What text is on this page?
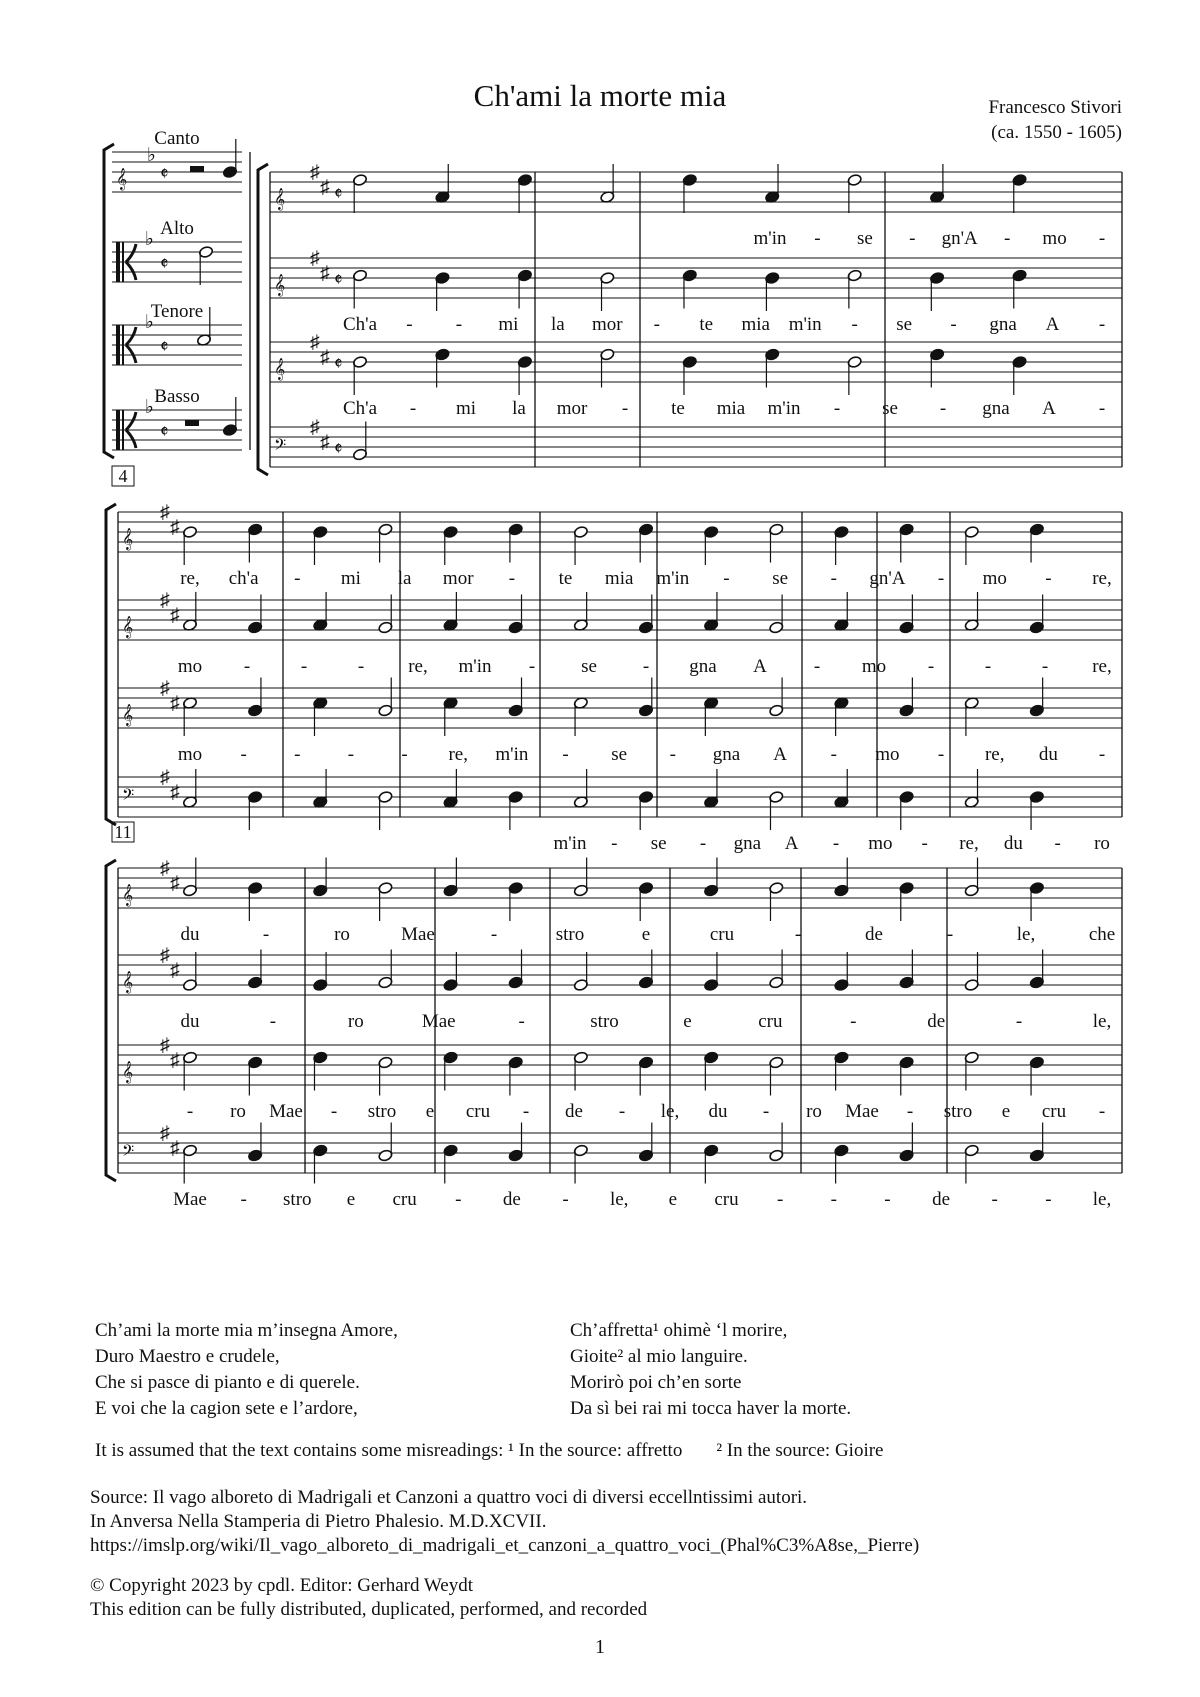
Ch'ami la morte mia	Francesco Stivori
(ca. 1550 - 1605)
Canto
Alto
Tenore
Basso
𝄞
♭
𝄵
♭
𝄵
♭
𝄵
♭
𝄵
𝄞
♯
♯ 𝄵
𝄞
♯
♯ 𝄵
𝄞
♯
♯ 𝄵
𝄢
♯
♯ 𝄵
m'in - se - gn'A - mo -
Ch'a - - mi la mor - te mia m'in - se - gna A -
Ch'a - mi la mor - te mia m'in - se - gna A -
𝄞
♯
♯
𝄞
♯
♯
𝄞
♯
♯
𝄢
♯
♯
4
re, ch'a - mi la mor - te mia m'in - se - gn'A - mo - re,
mo -	-	- re, m'in - se - gna A - mo -	-	- re,
mo - - - - re, m'in - se - gna A - mo - re, du -
m'in - se - gna A - mo - re, du - ro
𝄞
♯
♯
𝄞
♯
♯
𝄞
♯
♯
𝄢
♯
♯
11
du	-	ro	Mae	-	stro	e	cru	-	de	-	le,	che
du	-	ro	Mae	-	stro	e	cru	-	de	-	le,
- ro Mae - stro e cru - de - le, du - ro Mae - stro e cru -
Mae - stro e cru - de - le, e cru - - - de - - le,
Ch’ami la morte mia m’insegna Amore,
Duro Maestro e crudele,
Che si pasce di pianto e di querele.
E voi che la cagion sete e l’ardore,
Ch’affretta¹ ohimè ‘l morire,
Gioite² al mio languire.
Morirò poi ch’en sorte
Da sì bei rai mi tocca haver la morte.
It is assumed that the text contains some misreadings: ¹ In the source: affretto ² In the source: Gioire
Source: Il vago alboreto di Madrigali et Canzoni a quattro voci di diversi eccellntissimi autori.
In Anversa Nella Stamperia di Pietro Phalesio. M.D.XCVII.
https://imslp.org/wiki/Il_vago_alboreto_di_madrigali_et_canzoni_a_quattro_voci_(Phal%C3%A8se,_Pierre)
© Copyright 2023 by cpdl. Editor: Gerhard Weydt
This edition can be fully distributed, duplicated, performed, and recorded
1
